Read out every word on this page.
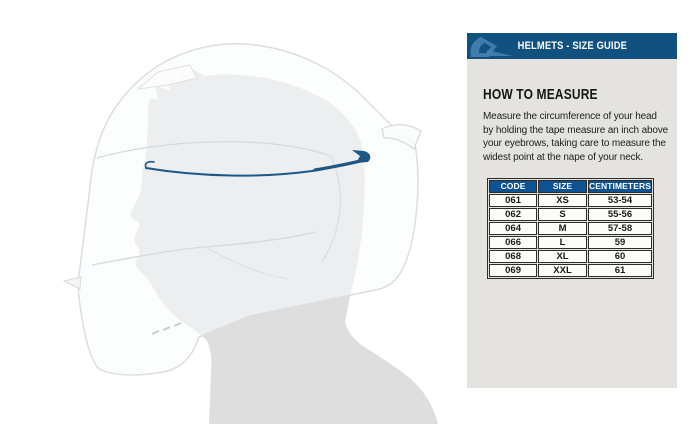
HELMETS - SIZE GUIDE
HOW TO MEASURE
Measure the circumference of your head
by holding the tape measure an inch above
your eyebrows, taking care to measure the
widest point at the nape of your neck.
CODE	SIZE	CENTIMETERS
061	XS	53-54
062	S	55-56
064	M	57-58
066	L	59
068	XL	60
069	XXL	61
